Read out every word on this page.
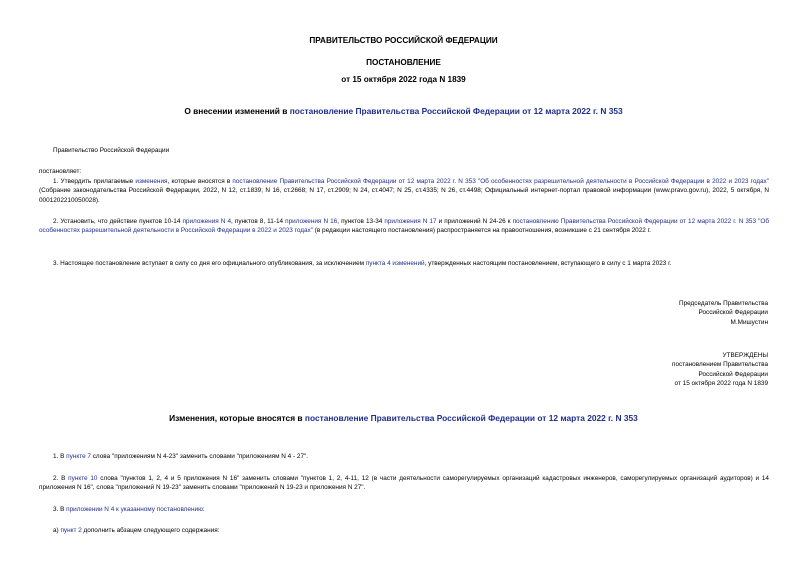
ПРАВИТЕЛЬСТВО РОССИЙСКОЙ ФЕДЕРАЦИИ
ПОСТАНОВЛЕНИЕ
от 15 октября 2022 года N 1839
О внесении изменений в постановление Правительства Российской Федерации от 12 марта 2022 г. N 353
Правительство Российской Федерации
постановляет:
1. Утвердить прилагаемые изменения, которые вносятся в постановление Правительства Российской Федерации от 12 марта 2022 г. N 353 "Об особенностях разрешительной деятельности в Российской Федерации в 2022 и 2023 годах" (Собрание законодательства Российской Федерации, 2022, N 12, ст.1839; N 16, ст.2668; N 17, ст.2909; N 24, ст.4047; N 25, ст.4335; N 26, ст.4498; Официальный интернет-портал правовой информации (www.pravo.gov.ru), 2022, 5 октября, N 0001202210050028).
2. Установить, что действие пунктов 10-14 приложения N 4, пунктов 8, 11-14 приложения N 16, пунктов 13-34 приложения N 17 и приложений N 24-26 к постановлению Правительства Российской Федерации от 12 марта 2022 г. N 353 "Об особенностях разрешительной деятельности в Российской Федерации в 2022 и 2023 годах" (в редакции настоящего постановления) распространяется на правоотношения, возникшие с 21 сентября 2022 г.
3. Настоящее постановление вступает в силу со дня его официального опубликования, за исключением пункта 4 изменений, утвержденных настоящим постановлением, вступающего в силу с 1 марта 2023 г.
Председатель Правительства
Российской Федерации
М.Мишустин
УТВЕРЖДЕНЫ
постановлением Правительства
Российской Федерации
от 15 октября 2022 года N 1839
Изменения, которые вносятся в постановление Правительства Российской Федерации от 12 марта 2022 г. N 353
1. В пункте 7 слова "приложениям N 4-23" заменить словами "приложениям N 4 - 27".
2. В пункте 10 слова "пунктов 1, 2, 4 и 5 приложения N 16" заменить словами "пунктов 1, 2, 4-11, 12 (в части деятельности саморегулируемых организаций кадастровых инженеров, саморегулируемых организаций аудиторов) и 14 приложения N 16", слова "приложений N 19-23" заменить словами "приложений N 19-23 и приложения N 27".
3. В приложении N 4 к указанному постановлению:
а) пункт 2 дополнить абзацем следующего содержания:
